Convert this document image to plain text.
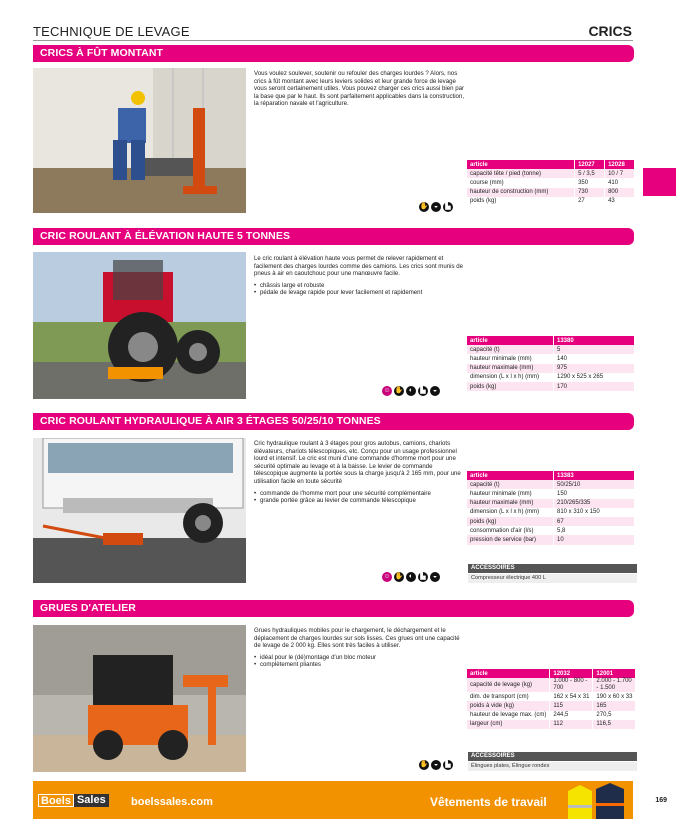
TECHNIQUE DE LEVAGE	CRICS
CRICS À FÛT MONTANT
Vous voulez soulever, soutenir ou refouler des charges lourdes ? Alors, nos crics à fût montant avec leurs leviers solides et leur grande force de levage vous seront certainement utiles. Vous pouvez charger ces crics aussi bien par la base que par le haut. Ils sont parfaitement applicables dans la construction, la réparation navale et l'agriculture.
article	12027	12028
capacité tête / pied (tonne)	5 / 3,5	10 / 7
course (mm)	350	410
hauteur de construction (mm)	730	800
poids (kg)	27	43
✋ ◒	▙
CRIC ROULANT À ÉLÉVATION HAUTE 5 TONNES
Le cric roulant à élévation haute vous permet de relever rapidement et facilement des charges lourdes comme des camions. Les crics sont munis de pneus à air en caoutchouc pour une manœuvre facile.
• châssis large et robuste
• pédale de levage rapide pour lever facilement et rapidement
article	13380
capacité (t)	5
hauteur minimale (mm)	140
hauteur maximale (mm)	975
dimension (L x l x h) (mm)	1290 x 525 x 265
poids (kg)	170
☺ ✋ ◐	▙	◒
CRIC ROULANT HYDRAULIQUE À AIR 3 ÉTAGES 50/25/10 TONNES
Cric hydraulique roulant à 3 étages pour gros autobus, camions, chariots élévateurs, chariots télescopiques, etc. Conçu pour un usage professionnel lourd et intensif. Le cric est muni d'une commande d'homme mort pour une sécurité optimale au levage et à la baisse. Le levier de commande télescopique augmente la portée sous la charge jusqu'à 2 165 mm, pour une utilisation facile en toute sécurité
• commande de l'homme mort pour une sécurité complémentaire
• grande portée grâce au levier de commande télescopique
article	13383
capacité (t)	50/25/10
hauteur minimale (mm)	150
hauteur maximale (mm)	210/265/335
dimension (L x l x h) (mm)	810 x 310 x 150
poids (kg)	67
consommation d'air (l/s)	5,8
pression de service (bar)	10
ACCESSOIRES
Compresseur électrique 400 L
☺ ✋ ◐	▙	◒
GRUES D'ATELIER
Grues hydrauliques mobiles pour le chargement, le déchargement et le déplacement de charges lourdes sur sols lisses. Ces grues ont une capacité de levage de 2 000 kg. Elles sont très faciles à utiliser.
• idéal pour le (dé)montage d'un bloc moteur
• complètement pliantes
article	12032	12001
capacité de levage (kg)	1.000 - 800 - 700	2.000 - 1.700 - 1.500
dim. de transport (cm)	162 x 54 x 31	190 x 60 x 33
poids à vide (kg)	115	165
hauteur de levage max. (cm)	244,5	270,5
largeur (cm)	112	116,5
ACCESSOIRES
Élingues plates, Élingue rondes
✋ ◒	▙
Boels Sales boelssales.com	Vêtements de travail	169
